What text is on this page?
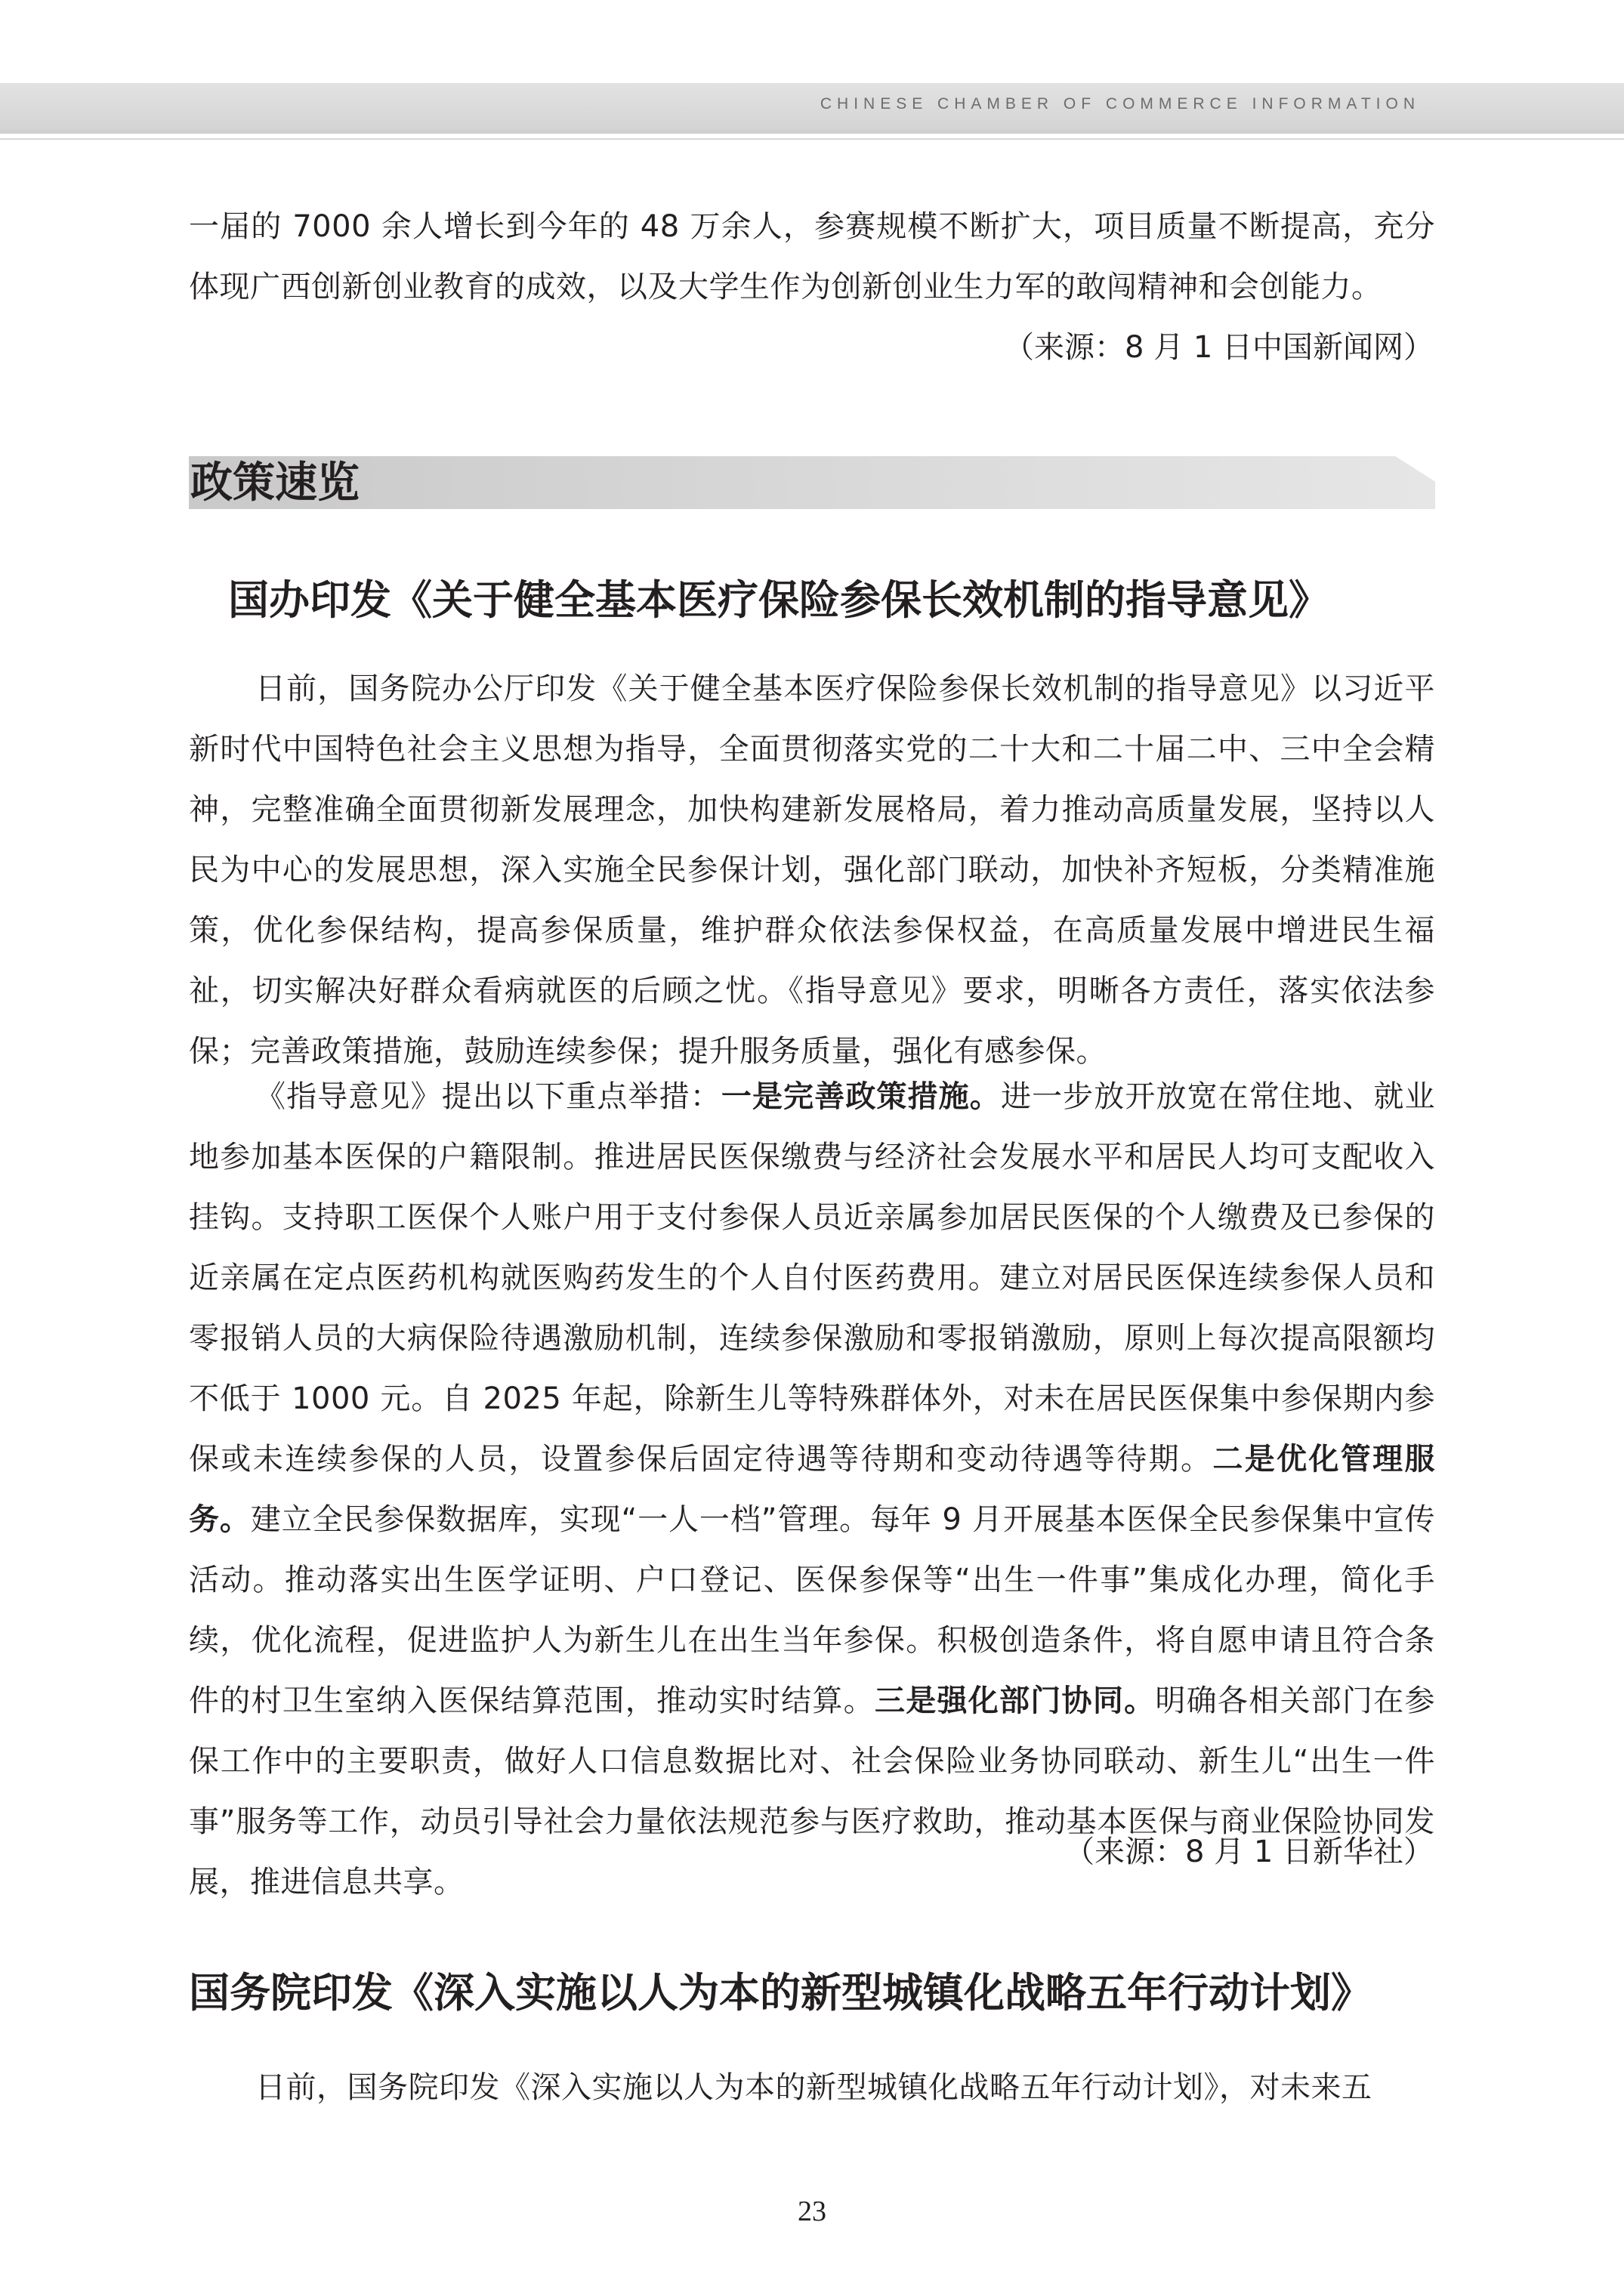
CHINESE CHAMBER OF COMMERCE INFORMATION

一届的 7000 余人增长到今年的 48 万余人，参赛规模不断扩大，项目质量不断提高，充分体现广西创新创业教育的成效，以及大学生作为创新创业生力军的敢闯精神和会创能力。

（来源：8 月 1 日中国新闻网）
政策速览
国办印发《关于健全基本医疗保险参保长效机制的指导意见》

日前，国务院办公厅印发《关于健全基本医疗保险参保长效机制的指导意见》以习近平新时代中国特色社会主义思想为指导，全面贯彻落实党的二十大和二十届二中、三中全会精神，完整准确全面贯彻新发展理念，加快构建新发展格局，着力推动高质量发展，坚持以人民为中心的发展思想，深入实施全民参保计划，强化部门联动，加快补齐短板，分类精准施策，优化参保结构，提高参保质量，维护群众依法参保权益，在高质量发展中增进民生福祉，切实解决好群众看病就医的后顾之忧。《指导意见》要求，明晰各方责任，落实依法参保；完善政策措施，鼓励连续参保；提升服务质量，强化有感参保。

《指导意见》提出以下重点举措：一是完善政策措施。进一步放开放宽在常住地、就业地参加基本医保的户籍限制。推进居民医保缴费与经济社会发展水平和居民人均可支配收入挂钩。支持职工医保个人账户用于支付参保人员近亲属参加居民医保的个人缴费及已参保的近亲属在定点医药机构就医购药发生的个人自付医药费用。建立对居民医保连续参保人员和零报销人员的大病保险待遇激励机制，连续参保激励和零报销激励，原则上每次提高限额均不低于 1000 元。自 2025 年起，除新生儿等特殊群体外，对未在居民医保集中参保期内参保或未连续参保的人员，设置参保后固定待遇等待期和变动待遇等待期。二是优化管理服务。建立全民参保数据库，实现“一人一档”管理。每年 9 月开展基本医保全民参保集中宣传活动。推动落实出生医学证明、户口登记、医保参保等“出生一件事”集成化办理，简化手续，优化流程，促进监护人为新生儿在出生当年参保。积极创造条件，将自愿申请且符合条件的村卫生室纳入医保结算范围，推动实时结算。三是强化部门协同。明确各相关部门在参保工作中的主要职责，做好人口信息数据比对、社会保险业务协同联动、新生儿“出生一件事”服务等工作，动员引导社会力量依法规范参与医疗救助，推动基本医保与商业保险协同发展，推进信息共享。

（来源：8 月 1 日新华社）
国务院印发《深入实施以人为本的新型城镇化战略五年行动计划》

日前，国务院印发《深入实施以人为本的新型城镇化战略五年行动计划》，对未来五

23
